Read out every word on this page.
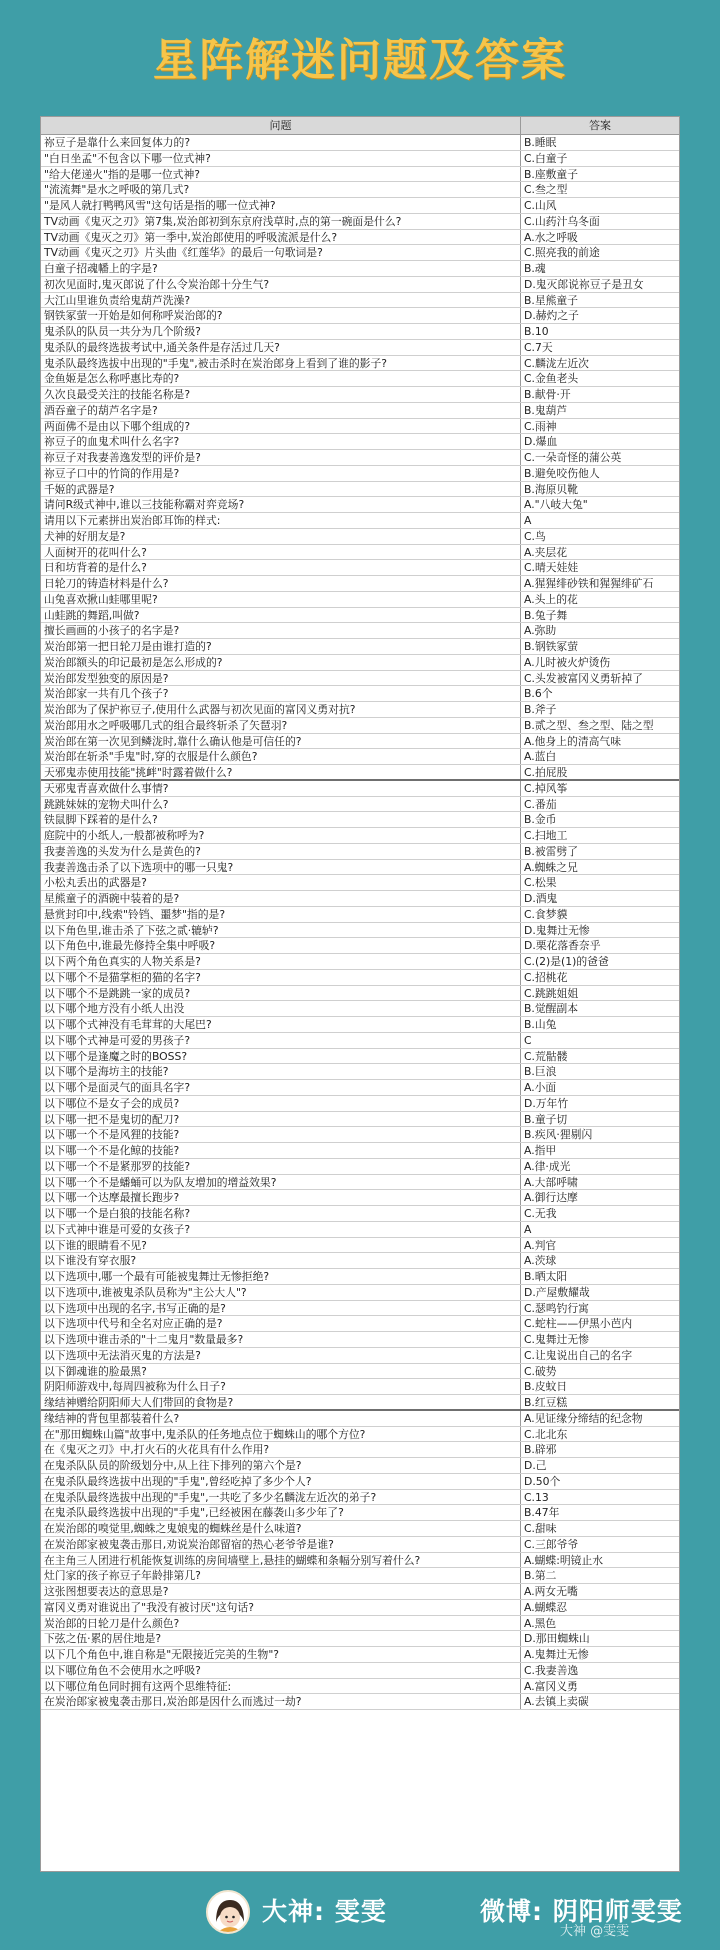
星阵解迷问题及答案
问题	答案
祢豆子是靠什么来回复体力的?	B.睡眠
"白日坐孟"不包含以下哪一位式神?	C.白童子
"给大佬递火"指的是哪一位式神?	B.座敷童子
"流流舞"是水之呼吸的第几式?	C.叁之型
"是风人就打鸭鸭风雪"这句话是指的哪一位式神?	C.山风
TV动画《鬼灭之刃》第7集,炭治郎初到东京府浅草时,点的第一碗面是什么?	C.山药汁乌冬面
TV动画《鬼灭之刃》第一季中,炭治郎使用的呼吸流派是什么?	A.水之呼吸
TV动画《鬼灭之刃》片头曲《红莲华》的最后一句歌词是?	C.照亮我的前途
白童子招魂幡上的字是?	B.魂
初次见面时,鬼灭郎说了什么令炭治郎十分生气?	D.鬼灭郎说祢豆子是丑女
大江山里谁负责给鬼葫芦洗澡?	B.星熊童子
钢铁冢萤一开始是如何称呼炭治郎的?	D.赫灼之子
鬼杀队的队员一共分为几个阶级?	B.10
鬼杀队的最终选拔考试中,通关条件是存活过几天?	C.7天
鬼杀队最终选拔中出现的"手鬼",被击杀时在炭治郎身上看到了谁的影子?	C.麟泷左近次
金鱼姬是怎么称呼惠比寿的?	C.金鱼老头
久次良最受关注的技能名称是?	B.献骨·开
酒吞童子的葫芦名字是?	B.鬼葫芦
两面佛不是由以下哪个组成的?	C.雨神
祢豆子的血鬼术叫什么名字?	D.爆血
祢豆子对我妻善逸发型的评价是?	C.一朵奇怪的蒲公英
祢豆子口中的竹筒的作用是?	B.避免咬伤他人
千姬的武器是?	B.海原贝靴
请问R级式神中,谁以三技能称霸对弈竞场?	A."八岐大兔"
请用以下元素拼出炭治郎耳饰的样式:	A
犬神的好朋友是?	C.鸟
人面树开的花叫什么?	A.夹层花
日和坊背着的是什么?	C.晴天娃娃
日轮刀的铸造材料是什么?	A.猩猩绯砂铁和猩猩绯矿石
山兔喜欢揪山蛙哪里呢?	A.头上的花
山蛙跳的舞蹈,叫做?	B.兔子舞
擅长画画的小孩子的名字是?	A.弥助
炭治郎第一把日轮刀是由谁打造的?	B.钢铁冢萤
炭治郎额头的印记最初是怎么形成的?	A.儿时被火炉烫伤
炭治郎发型独变的原因是?	C.头发被富冈义勇斩掉了
炭治郎家一共有几个孩子?	B.6个
炭治郎为了保护祢豆子,使用什么武器与初次见面的富冈义勇对抗?	B.斧子
炭治郎用水之呼吸哪几式的组合最终斩杀了矢琶羽?	B.贰之型、叁之型、陆之型
炭治郎在第一次见到鳞泷时,靠什么确认他是可信任的?	A.他身上的清高气味
炭治郎在斩杀"手鬼"时,穿的衣服是什么颜色?	A.蓝白
天邪鬼赤使用技能"挑衅"时露着做什么?	C.拍屁股
天邪鬼青喜欢做什么事情?	C.掉风筝
跳跳妹妹的宠物犬叫什么?	C.番茄
铁鼠脚下踩着的是什么?	B.金币
庭院中的小纸人,一般都被称呼为?	C.扫地工
我妻善逸的头发为什么是黄色的?	B.被雷劈了
我妻善逸击杀了以下选项中的哪一只鬼?	A.蜘蛛之兄
小松丸丢出的武器是?	C.松果
星熊童子的酒碗中装着的是?	D.酒鬼
悬赏封印中,线索"铃铛、噩梦"指的是?	C.食梦貘
以下角色里,谁击杀了下弦之贰·辘轳?	D.鬼舞辻无惨
以下角色中,谁最先修持全集中呼吸?	D.栗花落香奈乎
以下两个角色真实的人物关系是?	C.(2)是(1)的爸爸
以下哪个不是猫掌柜的猫的名字?	C.招桃花
以下哪个不是跳跳一家的成员?	C.跳跳姐姐
以下哪个地方没有小纸人出没	B.觉醒副本
以下哪个式神没有毛茸茸的大尾巴?	B.山兔
以下哪个式神是可爱的男孩子?	C
以下哪个是逢魔之时的BOSS?	C.荒骷髅
以下哪个是海坊主的技能?	B.巨浪
以下哪个是面灵气的面具名字?	A.小面
以下哪位不是女子会的成员?	D.万年竹
以下哪一把不是鬼切的配刀?	B.童子切
以下哪一个不是风狸的技能?	B.疾风·狸剔闪
以下哪一个不是化鲸的技能?	A.指甲
以下哪一个不是紧那罗的技能?	A.律·成光
以下哪一个不是蟠蛹可以为队友增加的增益效果?	A.大部呼啸
以下哪一个达摩最擅长跑步?	A.御行达摩
以下哪一个是白狼的技能名称?	C.无我
以下式神中谁是可爱的女孩子?	A
以下谁的眼睛看不见?	A.判官
以下谁没有穿衣服?	A.茨球
以下选项中,哪一个最有可能被鬼舞辻无惨拒绝?	B.晒太阳
以下选项中,谁被鬼杀队员称为"主公大人"?	D.产屋敷耀哉
以下选项中出现的名字,书写正确的是?	C.瑟鸣钓行寓
以下选项中代号和全名对应正确的是?	C.蛇柱——伊黑小芭内
以下选项中谁击杀的"十二鬼月"数量最多?	C.鬼舞辻无惨
以下选项中无法消灭鬼的方法是?	C.让鬼说出自己的名字
以下御魂谁的脸最黑?	C.破势
阴阳师游戏中,每周四被称为什么日子?	B.皮蚊日
缘结神赠给阴阳师大人们带回的食物是?	B.红豆糕
缘结神的背包里都装着什么?	A.见证缘分缔结的纪念物
在"那田蜘蛛山篇"故事中,鬼杀队的任务地点位于蜘蛛山的哪个方位?	C.北北东
在《鬼灭之刃》中,打火石的火花具有什么作用?	B.辟邪
在鬼杀队队员的阶级划分中,从上往下排列的第六个是?	D.己
在鬼杀队最终选拔中出现的"手鬼",曾经吃掉了多少个人?	D.50个
在鬼杀队最终选拔中出现的"手鬼",一共吃了多少名麟泷左近次的弟子?	C.13
在鬼杀队最终选拔中出现的"手鬼",已经被困在藤袭山多少年了?	B.47年
在炭治郎的嗅觉里,蜘蛛之鬼娘鬼的蜘蛛丝是什么味道?	C.甜味
在炭治郎家被鬼袭击那日,劝说炭治郎留宿的热心老爷爷是谁?	C.三郎爷爷
在主角三人团进行机能恢复训练的房间墙壁上,悬挂的蝴蝶和条幅分别写着什么?	A.蝴蝶:明镜止水
灶门家的孩子祢豆子年龄排第几?	B.第二
这张图想要表达的意思是?	A.两女无嘴
富冈义勇对谁说出了"我没有被讨厌"这句话?	A.蝴蝶忍
炭治郎的日轮刀是什么颜色?	A.黑色
下弦之伍·累的居住地是?	D.那田蜘蛛山
以下几个角色中,谁自称是"无限接近完美的生物"?	A.鬼舞辻无惨
以下哪位角色不会使用水之呼吸?	C.我妻善逸
以下哪位角色同时拥有这两个思维特征:	A.富冈义勇
在炭治郎家被鬼袭击那日,炭治郎是因什么而逃过一劫?	A.去镇上卖碳
大神: 雯雯	微博: 阴阳师雯雯
大神 @雯雯
